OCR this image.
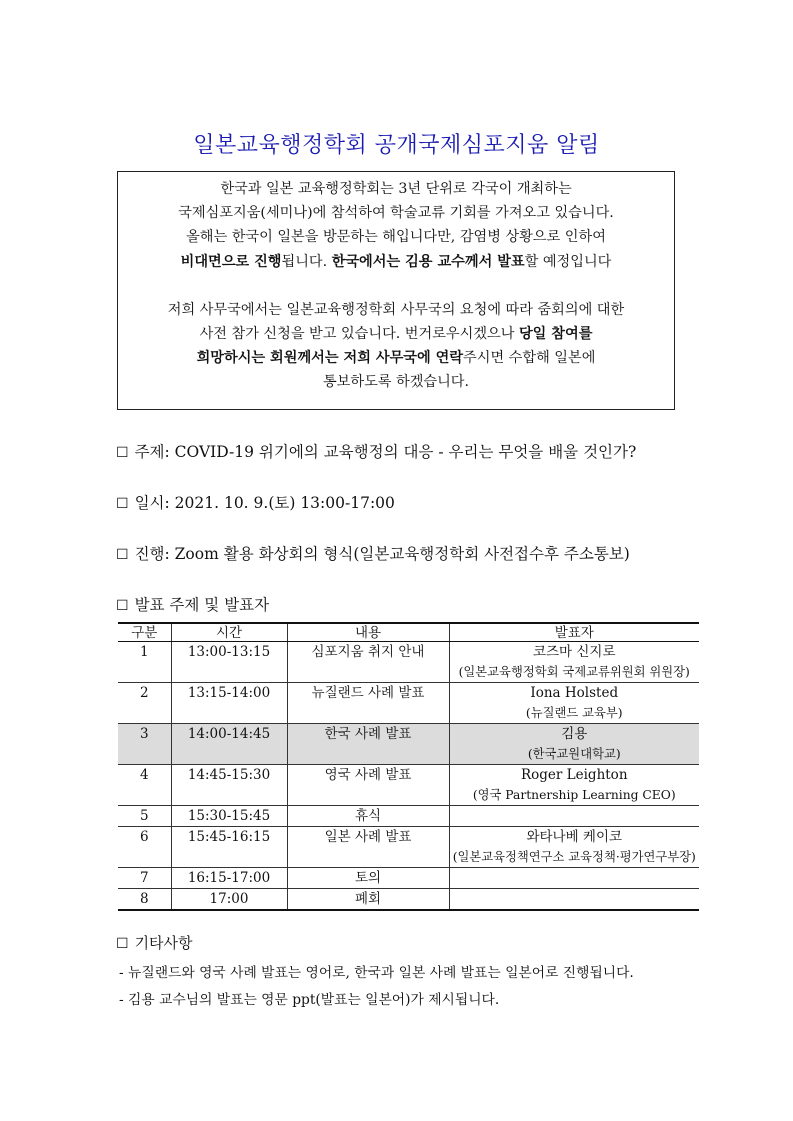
일본교육행정학회 공개국제심포지움 알림
한국과 일본 교육행정학회는 3년 단위로 각국이 개최하는
국제심포지움(세미나)에 참석하여 학술교류 기회를 가져오고 있습니다.
올해는 한국이 일본을 방문하는 해입니다만, 감염병 상황으로 인하여
비대면으로 진행됩니다. 한국에서는 김용 교수께서 발표할 예정입니다
저희 사무국에서는 일본교육행정학회 사무국의 요청에 따라 줌회의에 대한
사전 참가 신청을 받고 있습니다. 번거로우시겠으나 당일 참여를
희망하시는 회원께서는 저희 사무국에 연락주시면 수합해 일본에
통보하도록 하겠습니다.
☐ 주제: COVID-19 위기에의 교육행정의 대응 - 우리는 무엇을 배울 것인가?
☐ 일시: 2021. 10. 9.(토) 13:00-17:00
☐ 진행: Zoom 활용 화상회의 형식(일본교육행정학회 사전접수후 주소통보)
☐ 발표 주제 및 발표자
구분	시간	내용	발표자
1	13:00-13:15	심포지움 취지 안내	코즈마 신지로
(일본교육행정학회 국제교류위원회 위원장)

2	13:15-14:00	뉴질랜드 사례 발표	Iona Holsted
(뉴질랜드 교육부)

3	14:00-14:45	한국 사례 발표	김용
(한국교원대학교)

4	14:45-15:30	영국 사례 발표	Roger Leighton
(영국 Partnership Learning CEO)

5	15:30-15:45	휴식	
6	15:45-16:15	일본 사례 발표	와타나베 케이코
(일본교육정책연구소 교육정책·평가연구부장)

7	16:15-17:00	토의	
8	17:00	폐회	
☐ 기타사항
- 뉴질랜드와 영국 사례 발표는 영어로, 한국과 일본 사례 발표는 일본어로 진행됩니다.
- 김용 교수님의 발표는 영문 ppt(발표는 일본어)가 제시됩니다.
